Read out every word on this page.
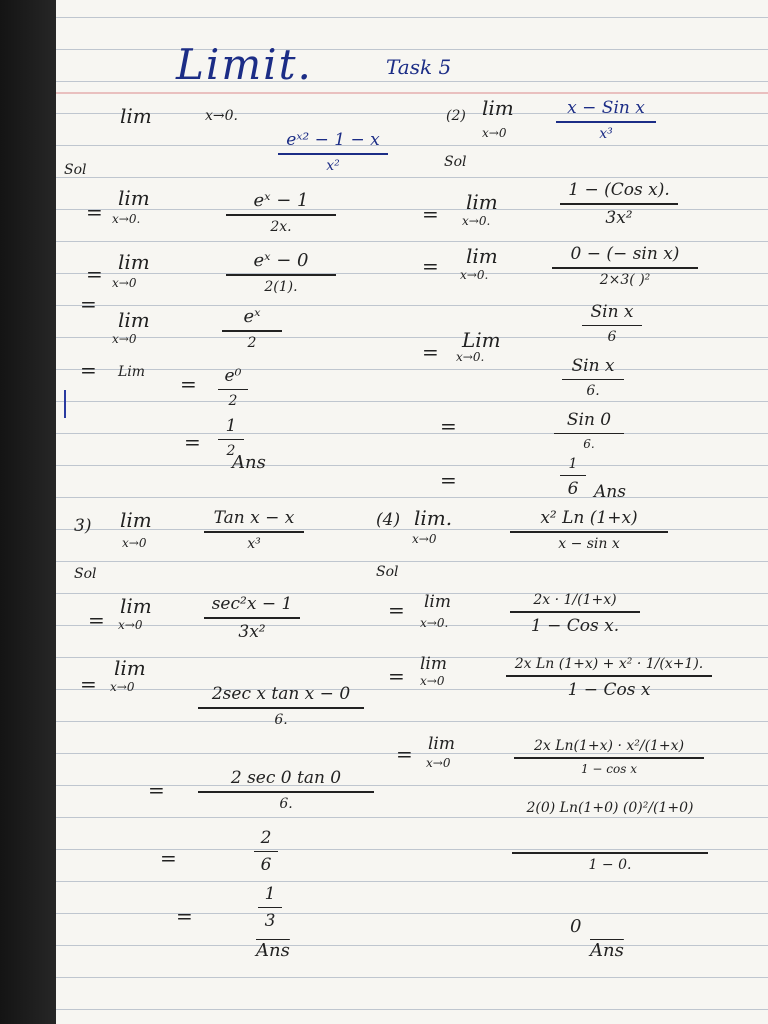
Limit.	Task 5
lim	x→0.
eˣ² − 1 − x
x²
Sol
=
lim
x→0.
eˣ − 1
2x.
= lim
x→0
eˣ − 0
2(1).
=
lim
x→0
eˣ
2
= Lim =	e⁰
2
=
1
2
Ans
(2) lim
x→0
x − Sin x
x³
Sol
= lim
x→0.
1 − (Cos x).
3x²
= lim
x→0.
0 − (− sin x)
2×3( )²
= Lim
x→0.
Sin x
6
Sin x
6.
=	Sin 0
6.
=
1
6 Ans
3) lim
x→0
Tan x − x
x³
Sol
=
lim
x→0
sec²x − 1
3x²
=
lim
x→0	2sec x tan x − 0
6.
=	2 sec 0 tan 0
6.
=
2
6
=
1
3
$\overline{Ans}$
(4) lim.
x→0
x² Ln (1+x)
x − sin x
Sol
= lim
x→0.
2x · 1/(1+x)
1 − Cos x.
= lim
x→0
2x Ln (1+x) + x² · 1/(x+1).
1 − Cos x
= lim
x→0
2x Ln(1+x) · x²/(1+x)
1 − cos x
2(0) Ln(1+0) (0)²/(1+0)
1 − 0.
0
$\overline{Ans}$
